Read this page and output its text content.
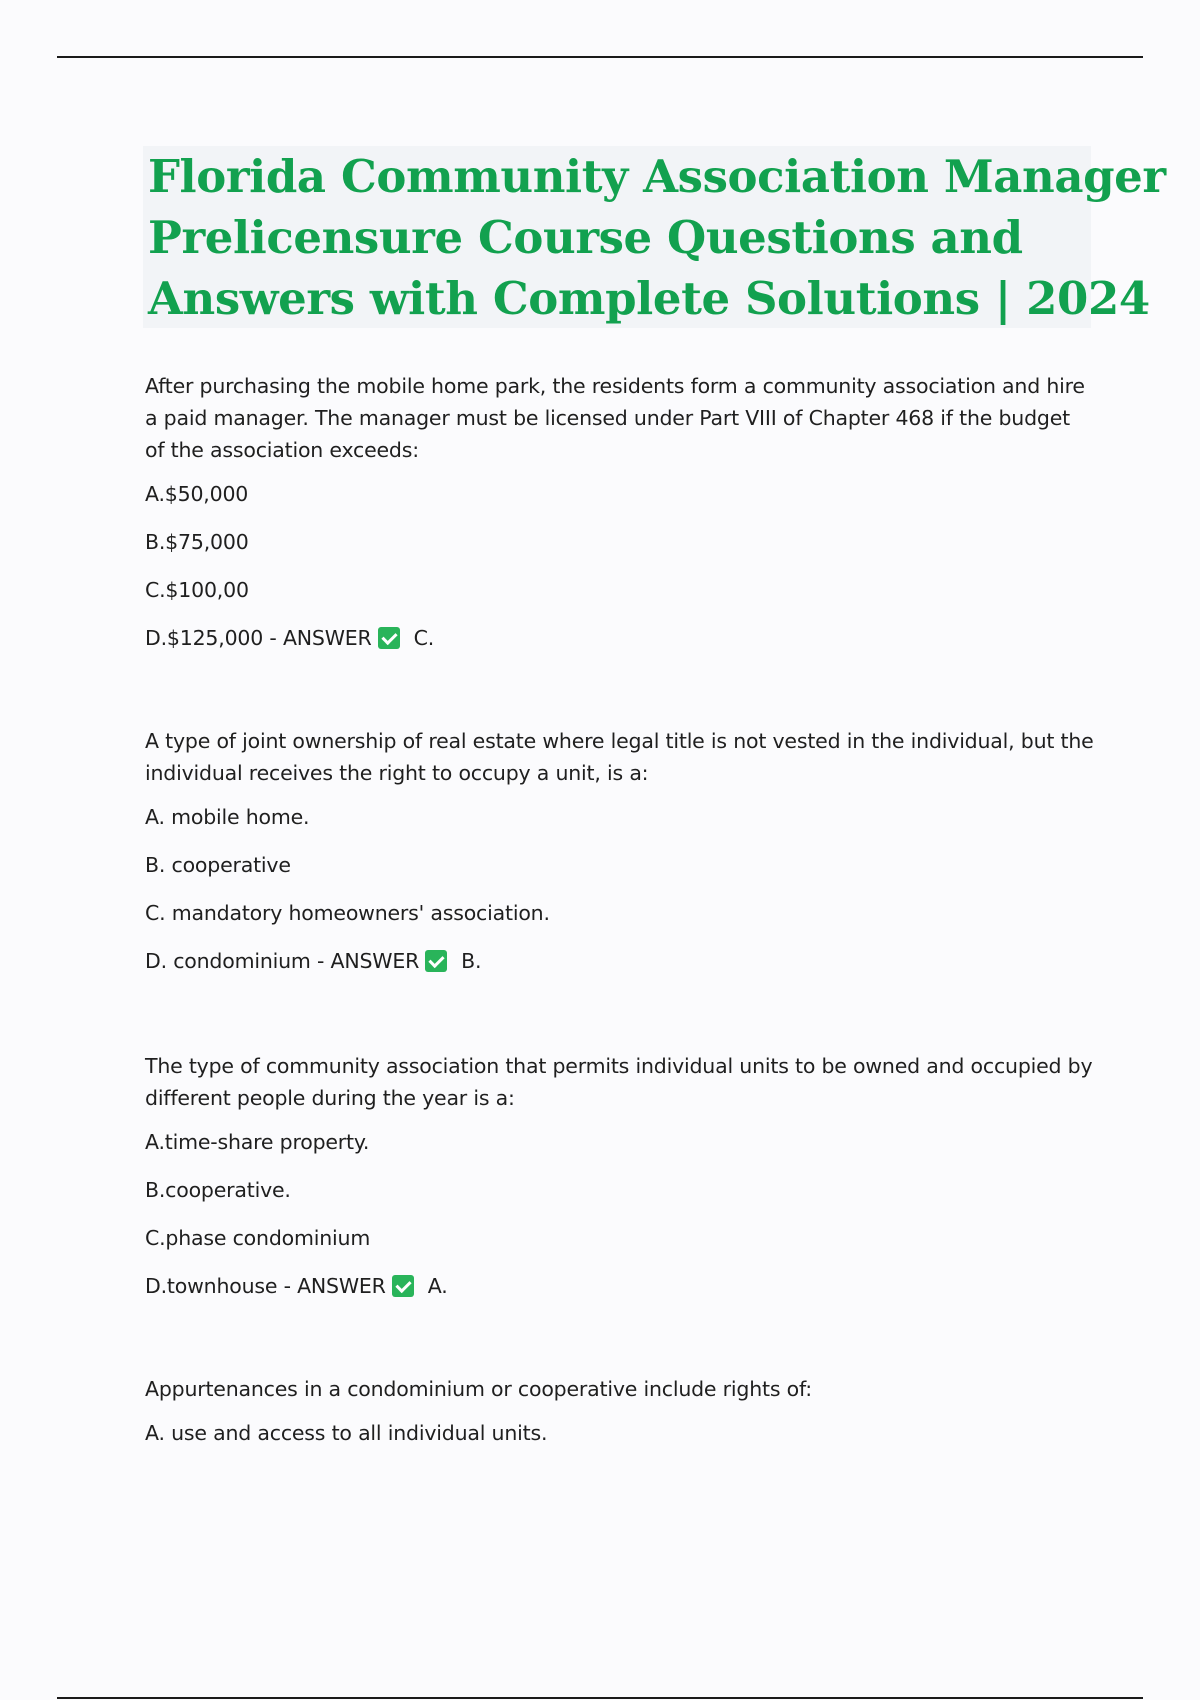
Florida Community Association Manager
Prelicensure Course Questions and
Answers with Complete Solutions | 2024
After purchasing the mobile home park, the residents form a community association and hire a paid manager. The manager must be licensed under Part VIII of Chapter 468 if the budget of the association exceeds:
A.$50,000
B.$75,000
C.$100,00
D.$125,000 - ANSWER C.
A type of joint ownership of real estate where legal title is not vested in the individual, but the individual receives the right to occupy a unit, is a:
A. mobile home.
B. cooperative
C. mandatory homeowners' association.
D. condominium - ANSWER B.
The type of community association that permits individual units to be owned and occupied by different people during the year is a:
A.time-share property.
B.cooperative.
C.phase condominium
D.townhouse - ANSWER A.
Appurtenances in a condominium or cooperative include rights of:
A. use and access to all individual units.
